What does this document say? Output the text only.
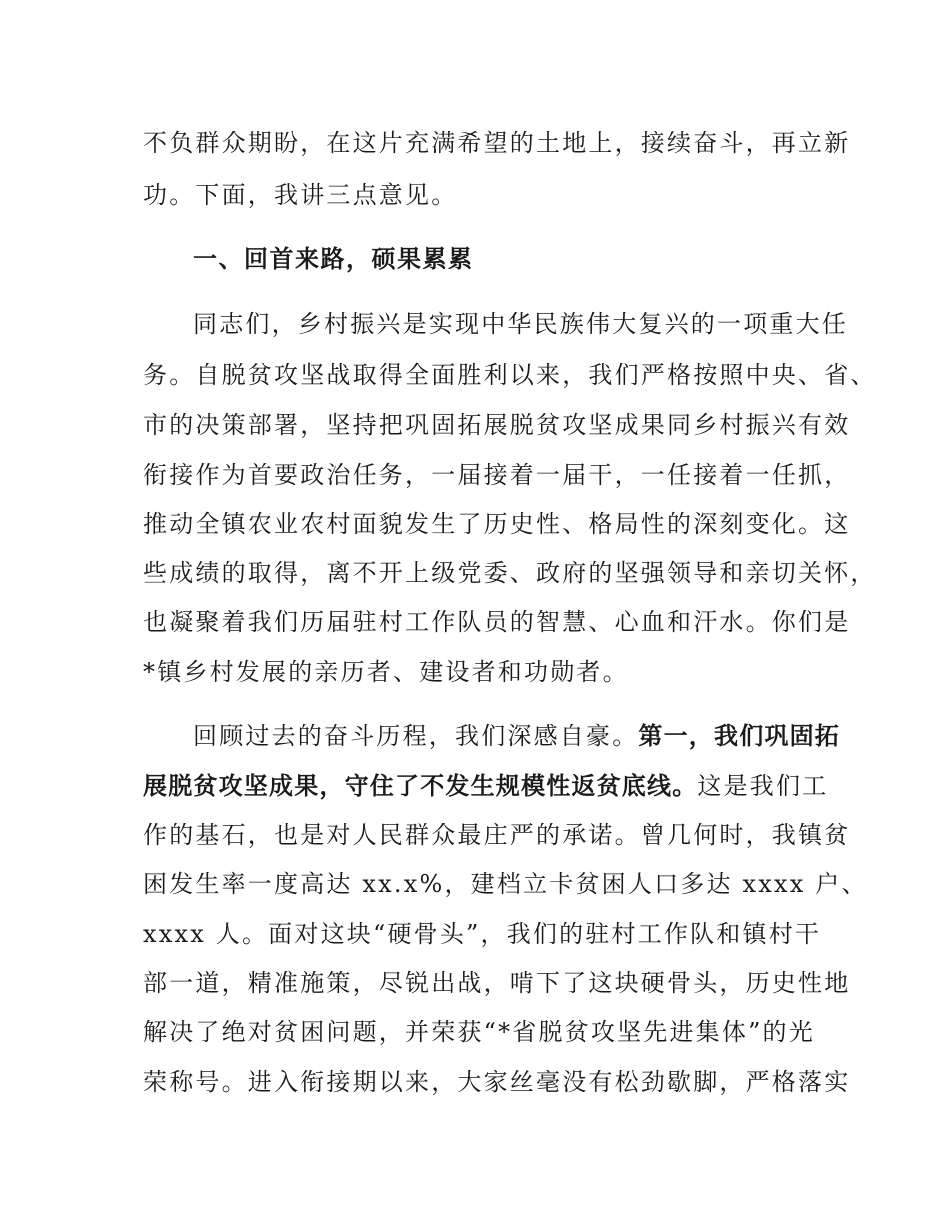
不负群众期盼，在这片充满希望的土地上，接续奋斗，再立新
功。下面，我讲三点意见。
一、回首来路，硕果累累
同志们，乡村振兴是实现中华民族伟大复兴的一项重大任
务。自脱贫攻坚战取得全面胜利以来，我们严格按照中央、省、
市的决策部署，坚持把巩固拓展脱贫攻坚成果同乡村振兴有效
衔接作为首要政治任务，一届接着一届干，一任接着一任抓，
推动全镇农业农村面貌发生了历史性、格局性的深刻变化。这
些成绩的取得，离不开上级党委、政府的坚强领导和亲切关怀，
也凝聚着我们历届驻村工作队员的智慧、心血和汗水。你们是
*镇乡村发展的亲历者、建设者和功勋者。
回顾过去的奋斗历程，我们深感自豪。第一，我们巩固拓
展脱贫攻坚成果，守住了不发生规模性返贫底线。这是我们工
作的基石，也是对人民群众最庄严的承诺。曾几何时，我镇贫
困发生率一度高达 xx.x%，建档立卡贫困人口多达 xxxx 户、
xxxx 人。面对这块“硬骨头”，我们的驻村工作队和镇村干
部一道，精准施策，尽锐出战，啃下了这块硬骨头，历史性地
解决了绝对贫困问题，并荣获“*省脱贫攻坚先进集体”的光
荣称号。进入衔接期以来，大家丝毫没有松劲歇脚，严格落实
